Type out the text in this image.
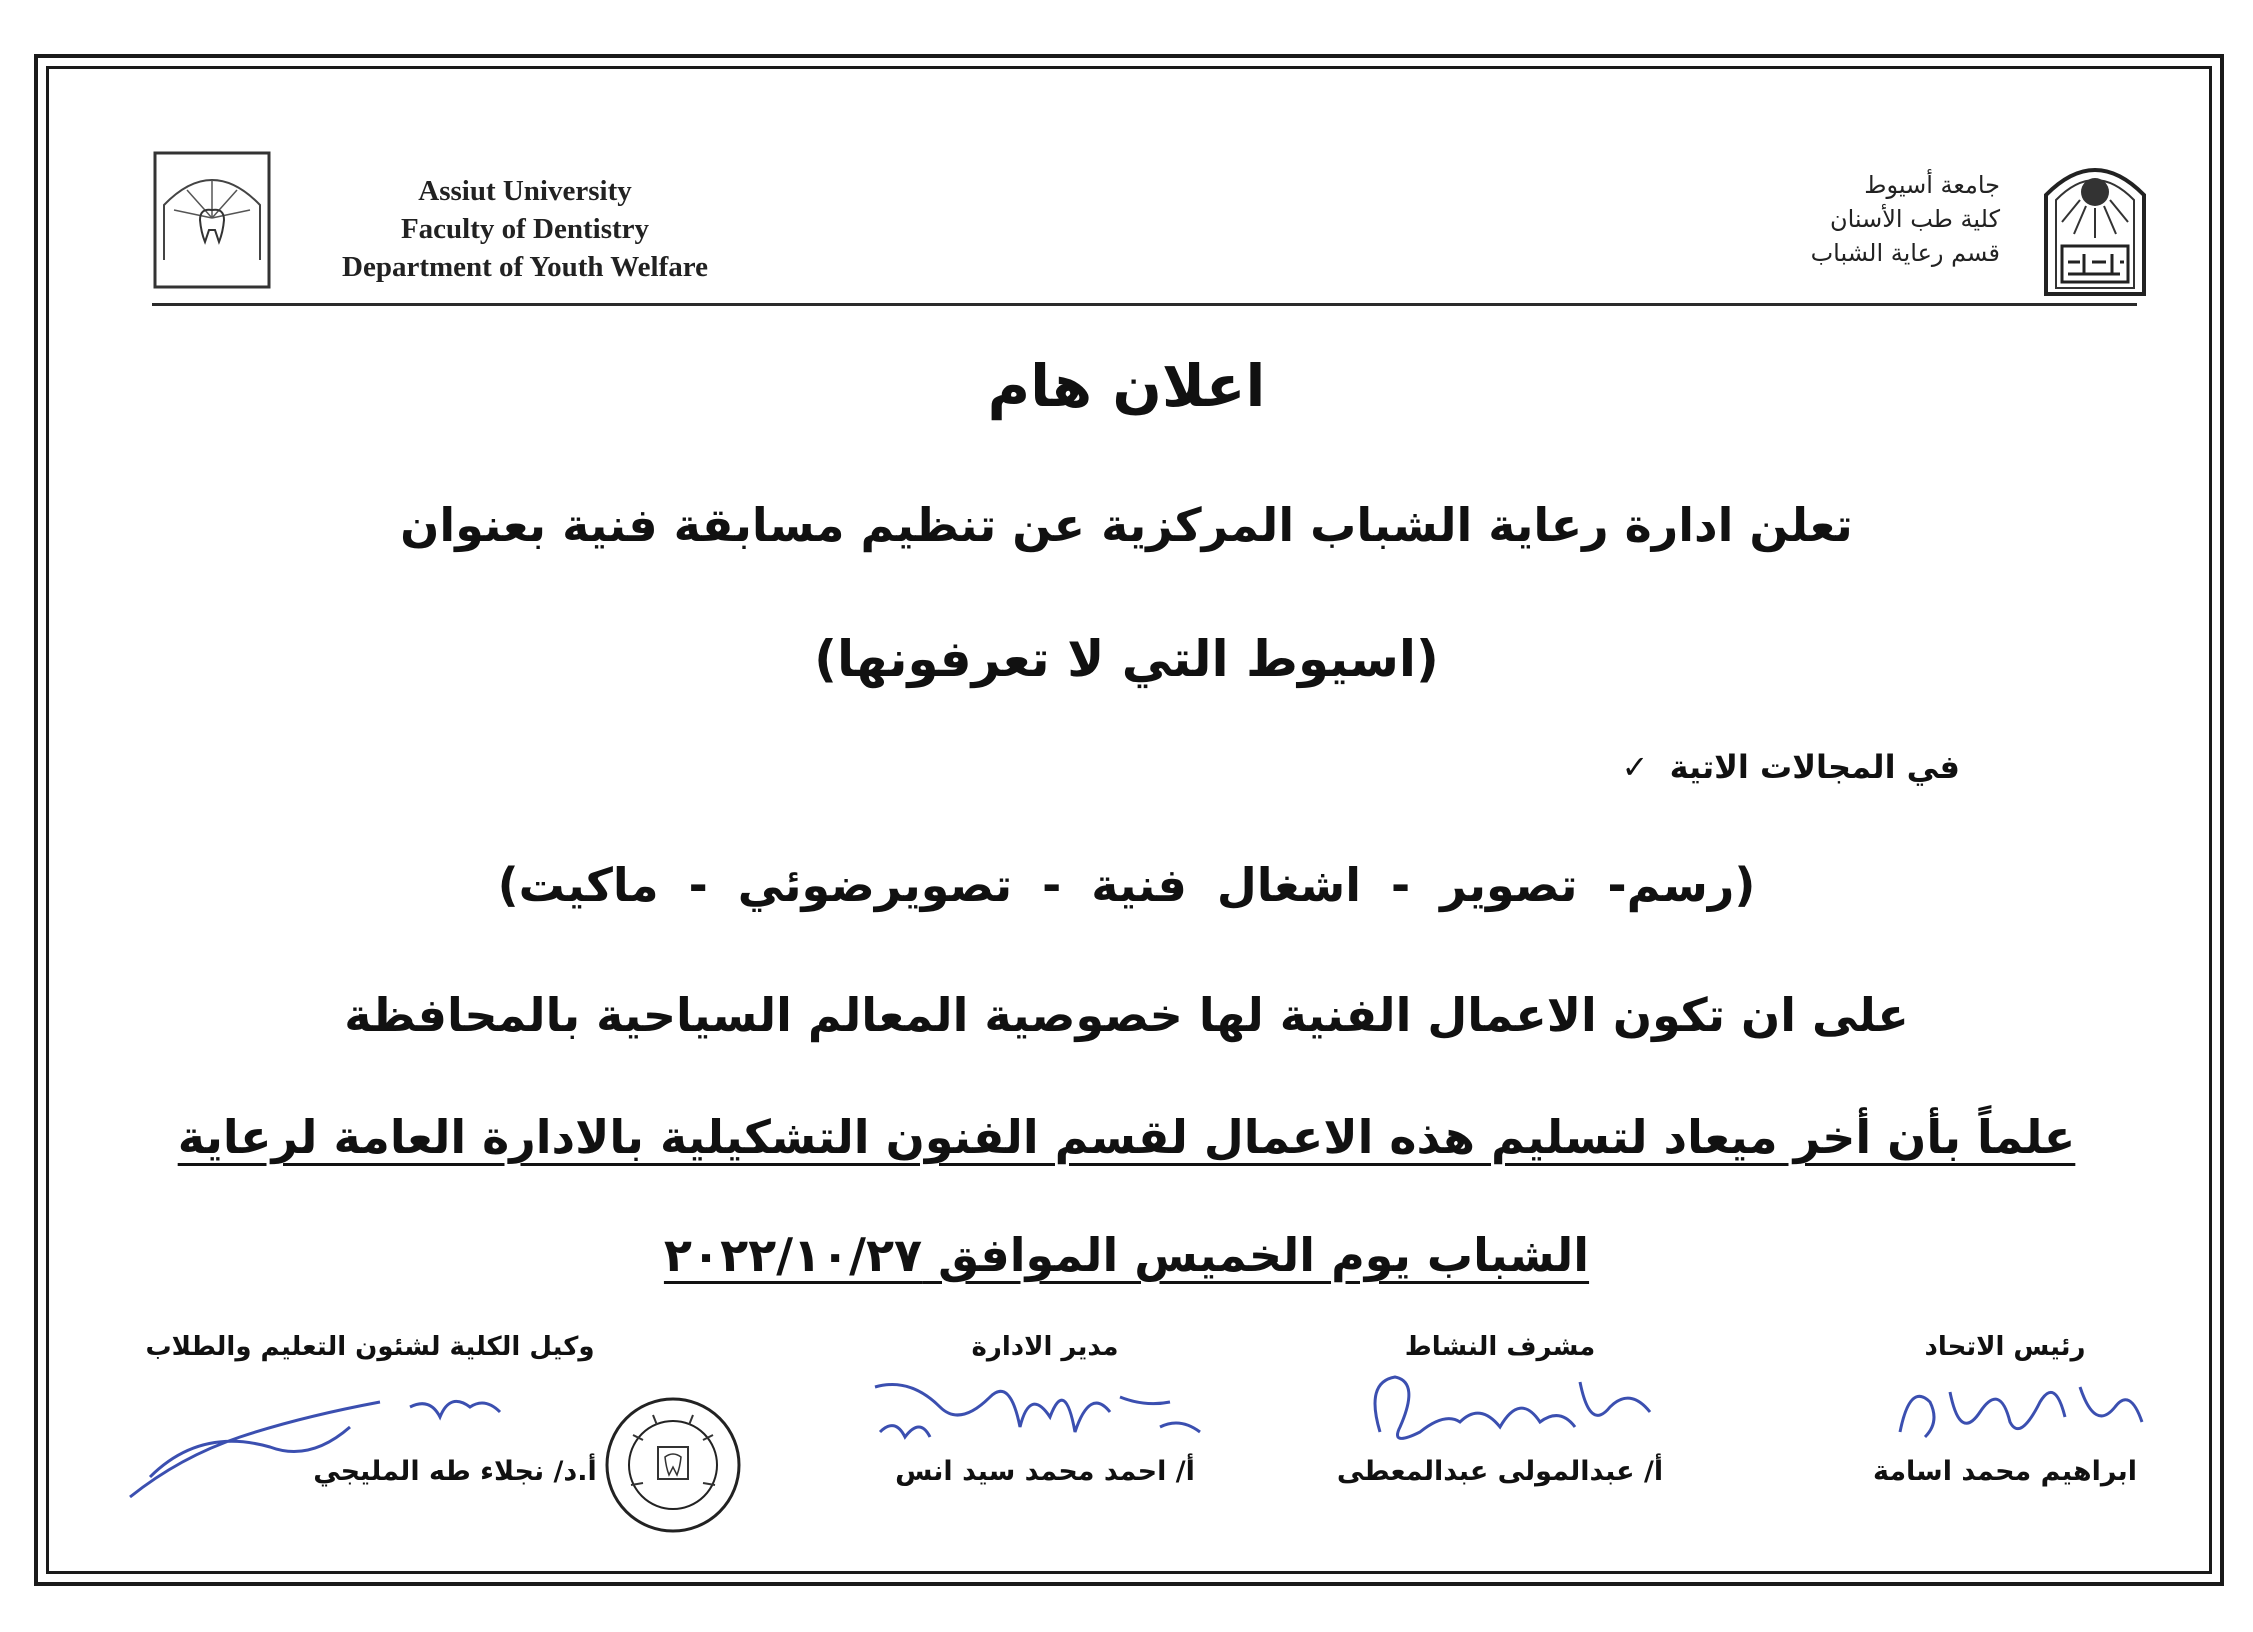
Assiut University
Faculty of Dentistry
Department of Youth Welfare
جامعة أسيوط
كلية طب الأسنان
قسم رعاية الشباب
اعلان هام
تعلن ادارة رعاية الشباب المركزية عن تنظيم مسابقة فنية بعنوان
(اسيوط التي لا تعرفونها)
في المجالات الاتية ✓
(رسم- تصوير - اشغال فنية - تصويرضوئي - ماكيت)
على ان تكون الاعمال الفنية لها خصوصية المعالم السياحية بالمحافظة
علماً بأن أخر ميعاد لتسليم هذه الاعمال لقسم الفنون التشكيلية بالادارة العامة لرعاية
الشباب يوم الخميس الموافق ٢٠٢٢/١٠/٢٧
رئيس الاتحاد
ابراهيم محمد اسامة
مشرف النشاط
أ/ عبدالمولى عبدالمعطى
مدير الادارة
أ/ احمد محمد سيد انس
وكيل الكلية لشئون التعليم والطلاب
أ.د/ نجلاء طه المليجي
